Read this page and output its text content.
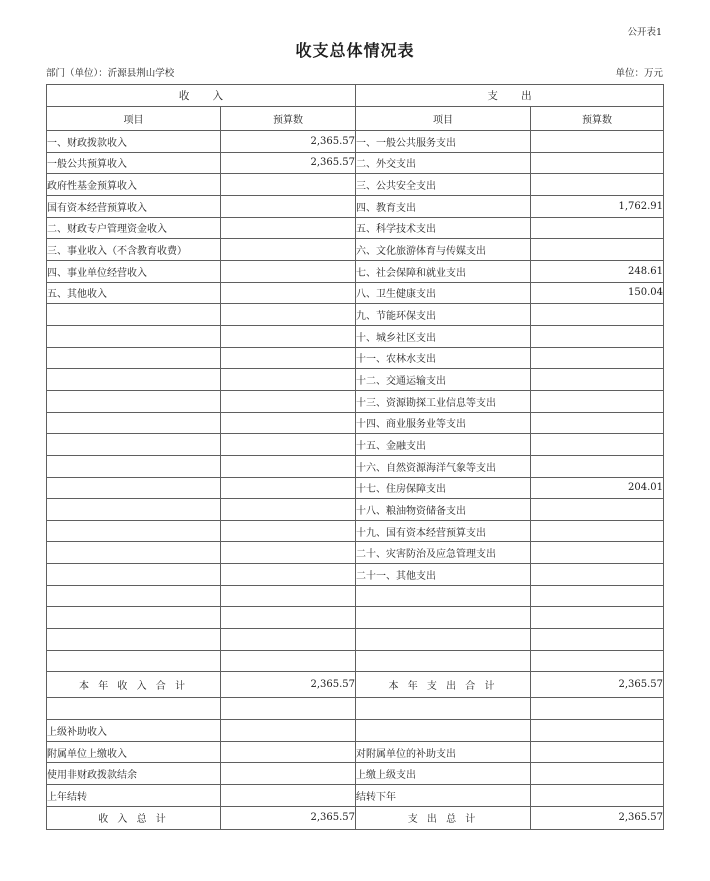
公开表1
收支总体情况表
部门（单位）：沂源县荆山学校	单位：万元
收 入		支 出	
项目	预算数	项目	预算数
一、财政拨款收入	2,365.57	一、一般公共服务支出	
一般公共预算收入	2,365.57	二、外交支出	
政府性基金预算收入		三、公共安全支出	
国有资本经营预算收入		四、教育支出	1,762.91
二、财政专户管理资金收入		五、科学技术支出	
三、事业收入（不含教育收费）		六、文化旅游体育与传媒支出	
四、事业单位经营收入		七、社会保障和就业支出	248.61
五、其他收入		八、卫生健康支出	150.04
		九、节能环保支出	
		十、城乡社区支出	
		十一、农林水支出	
		十二、交通运输支出	
		十三、资源勘探工业信息等支出	
		十四、商业服务业等支出	
		十五、金融支出	
		十六、自然资源海洋气象等支出	
		十七、住房保障支出	204.01
		十八、粮油物资储备支出	
		十九、国有资本经营预算支出	
		二十、灾害防治及应急管理支出	
		二十一、其他支出	

本 年 收 入 合 计	2,365.57	本 年 支 出 合 计	2,365.57

上级补助收入			
附属单位上缴收入		对附属单位的补助支出	
使用非财政拨款结余		上缴上级支出	
上年结转		结转下年	
收 入 总 计	2,365.57	支 出 总 计	2,365.57
